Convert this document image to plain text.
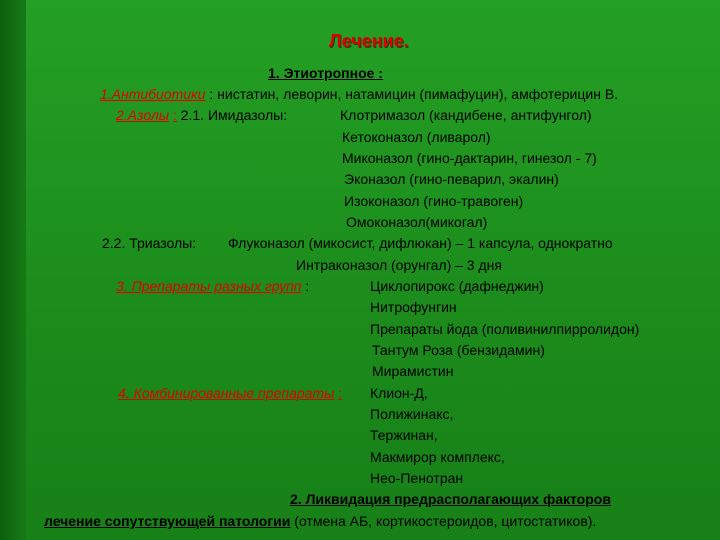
Лечение.
1. Этиотропное :
1.Антибиотики : нистатин, леворин, натамицин (пимафуцин), амфотерицин В.
2.Азолы : 2.1. Имидазолы:	Клотримазол (кандибене, антифунгол)
Кетоконазол (ливарол)
Миконазол (гино-дактарин, гинезол - 7)
Эконазол (гино-певарил, экалин)
Изоконазол (гино-травоген)
Омоконазол(микогал)
2.2. Триазолы: Флуконазол (микосист, дифлюкан) – 1 капсула, однократно
Интраконазол (орунгал) – 3 дня
3. Препараты разных групп :	Циклопирокс (дафнеджин)
Нитрофунгин
Препараты йода (поливинилпирролидон)
Тантум Роза (бензидамин)
Мирамистин
4. Комбинированные препараты : Клион-Д,
Полижинакс,
Тержинан,
Макмирор комплекс,
Нео-Пенотран
2. Ликвидация предрасполагающих факторов
лечение сопутствующей патологии (отмена АБ, кортикостероидов, цитостатиков).
